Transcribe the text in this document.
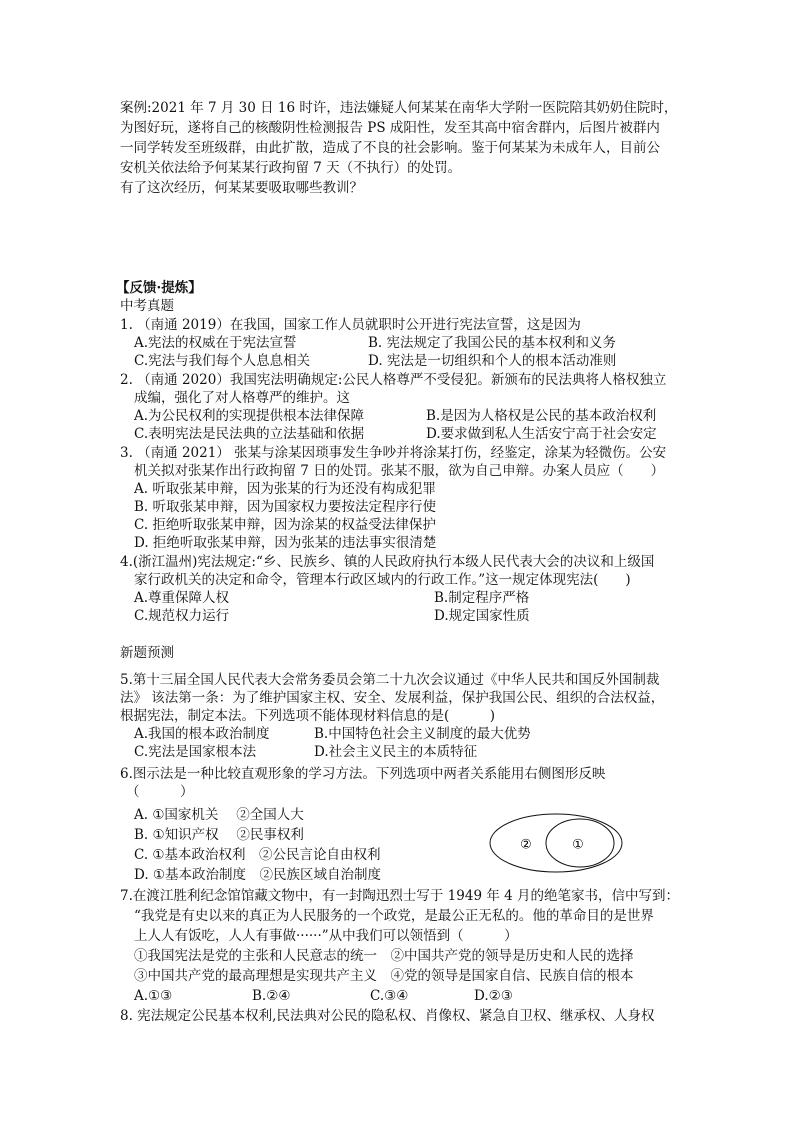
案例:2021 年 7 月 30 日 16 时许，违法嫌疑人何某某在南华大学附一医院陪其奶奶住院时，
为图好玩，遂将自己的核酸阴性检测报告 PS 成阳性，发至其高中宿舍群内，后图片被群内
一同学转发至班级群，由此扩散，造成了不良的社会影响。鉴于何某某为未成年人，目前公
安机关依法给予何某某行政拘留 7 天（不执行）的处罚。
有了这次经历，何某某要吸取哪些教训？
【反馈·提炼】
中考真题
1. （南通 2019）在我国，国家工作人员就职时公开进行宪法宣誓，这是因为
A.宪法的权威在于宪法宣誓	B. 宪法规定了我国公民的基本权利和义务
C.宪法与我们每个人息息相关	D. 宪法是一切组织和个人的根本活动准则
2. （南通 2020）我国宪法明确规定:公民人格尊严不受侵犯。新颁布的民法典将人格权独立
成编，强化了对人格尊严的维护。这
A.为公民权利的实现提供根本法律保障	B.是因为人格权是公民的基本政治权利
C.表明宪法是民法典的立法基础和依据	D.要求做到私人生活安宁高于社会安定
3. （南通 2021） 张某与涂某因琐事发生争吵并将涂某打伤，经鉴定，涂某为轻微伤。公安
机关拟对张某作出行政拘留 7 日的处罚。张某不服，欲为自己申辩。办案人员应（　　）
A. 听取张某申辩，因为张某的行为还没有构成犯罪
B. 听取张某申辩，因为国家权力要按法定程序行使
C. 拒绝听取张某申辩，因为涂某的权益受法律保护
D. 拒绝听取张某申辩，因为张某的违法事实很清楚
4.(浙江温州)宪法规定:“乡、民族乡、镇的人民政府执行本级人民代表大会的决议和上级国
家行政机关的决定和命令，管理本行政区域内的行政工作。”这一规定体现宪法(　　)
A.尊重保障人权	B.制定程序严格
C.规范权力运行	D.规定国家性质
新题预测
5.第十三届全国人民代表大会常务委员会第二十九次会议通过《中华人民共和国反外国制裁
法》 该法第一条：为了维护国家主权、安全、发展利益，保护我国公民、组织的合法权益，
根据宪法，制定本法。下列选项不能体现材料信息的是(　　　)
A.我国的根本政治制度	B.中国特色社会主义制度的最大优势
C.宪法是国家根本法	D.社会主义民主的本质特征
6.图示法是一种比较直观形象的学习方法。下列选项中两者关系能用右侧图形反映
（　　　）
A. ①国家机关　 ②全国人大
B. ①知识产权　 ②民事权利
C. ①基本政治权利　②公民言论自由权利
D. ①基本政治制度　②民族区域自治制度
②	①
7.在渡江胜利纪念馆馆藏文物中，有一封陶迅烈士写于 1949 年 4 月的绝笔家书，信中写到：
“我党是有史以来的真正为人民服务的一个政党，是最公正无私的。他的革命目的是世界
上人人有饭吃，人人有事做······”从中我们可以领悟到（　　　）
①我国宪法是党的主张和人民意志的统一　②中国共产党的领导是历史和人民的选择
③中国共产党的最高理想是实现共产主义　④党的领导是国家自信、民族自信的根本
A.①③	B.②④	C.③④	D.②③
8. 宪法规定公民基本权利,民法典对公民的隐私权、肖像权、紧急自卫权、继承权、人身权
